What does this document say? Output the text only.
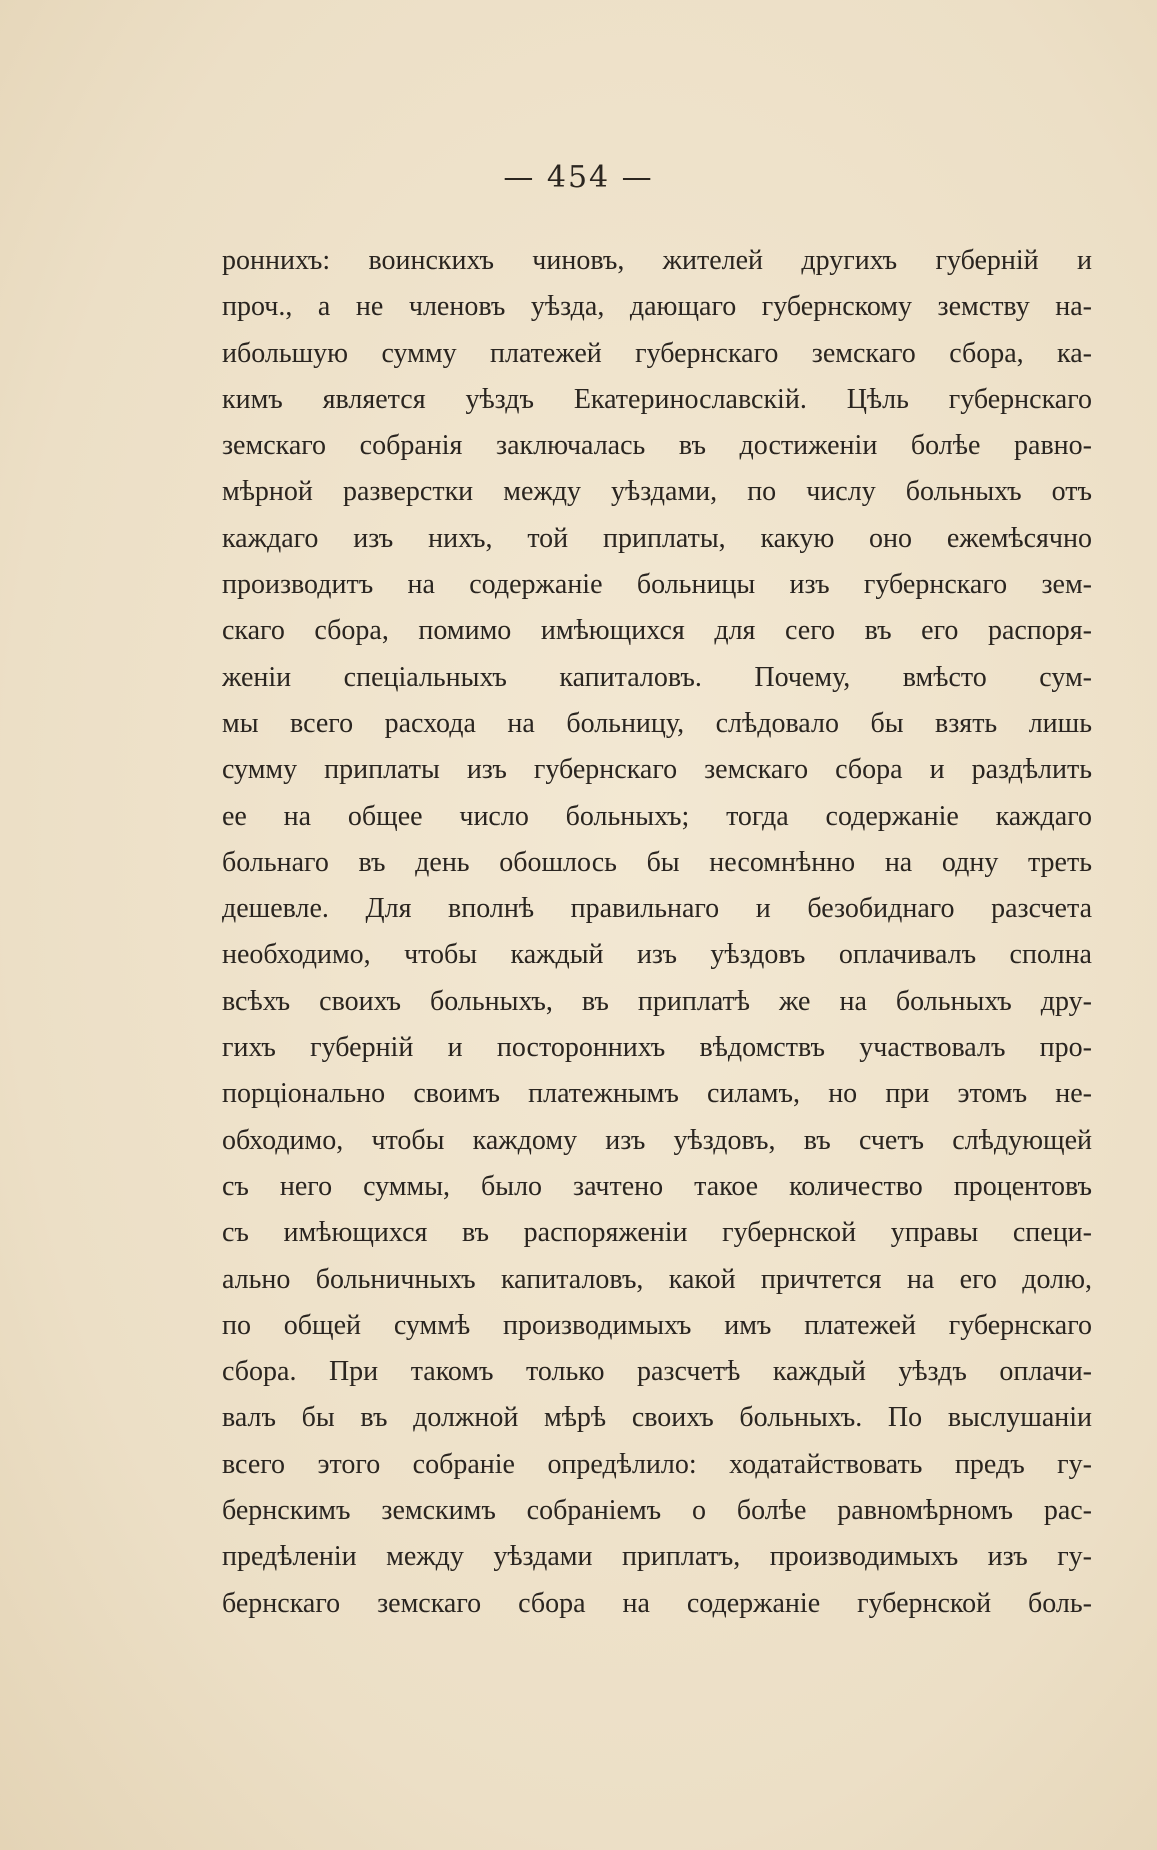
— 454 —
роннихъ: воинскихъ чиновъ, жителей другихъ губерній и
проч., а не членовъ уѣзда, дающаго губернскому земству на-
ибольшую сумму платежей губернскаго земскаго сбора, ка-
кимъ является уѣздъ Екатеринославскій. Цѣль губернскаго
земскаго собранія заключалась въ достиженіи болѣе равно-
мѣрной разверстки между уѣздами, по числу больныхъ отъ
каждаго изъ нихъ, той приплаты, какую оно ежемѣсячно
производитъ на содержаніе больницы изъ губернскаго зем-
скаго сбора, помимо имѣющихся для сего въ его распоря-
женіи спеціальныхъ капиталовъ. Почему, вмѣсто сум-
мы всего расхода на больницу, слѣдовало бы взять лишь
сумму приплаты изъ губернскаго земскаго сбора и раздѣлить
ее на общее число больныхъ; тогда содержаніе каждаго
больнаго въ день обошлось бы несомнѣнно на одну треть
дешевле. Для вполнѣ правильнаго и безобиднаго разсчета
необходимо, чтобы каждый изъ уѣздовъ оплачивалъ сполна
всѣхъ своихъ больныхъ, въ приплатѣ же на больныхъ дру-
гихъ губерній и постороннихъ вѣдомствъ участвовалъ про-
порціонально своимъ платежнымъ силамъ, но при этомъ не-
обходимо, чтобы каждому изъ уѣздовъ, въ счетъ слѣдующей
съ него суммы, было зачтено такое количество процентовъ
съ имѣющихся въ распоряженіи губернской управы специ-
ально больничныхъ капиталовъ, какой причтется на его долю,
по общей суммѣ производимыхъ имъ платежей губернскаго
сбора. При такомъ только разсчетѣ каждый уѣздъ оплачи-
валъ бы въ должной мѣрѣ своихъ больныхъ. По выслушаніи
всего этого собраніе опредѣлило: ходатайствовать предъ гу-
бернскимъ земскимъ собраніемъ о болѣе равномѣрномъ рас-
предѣленіи между уѣздами приплатъ, производимыхъ изъ гу-
бернскаго земскаго сбора на содержаніе губернской боль-
